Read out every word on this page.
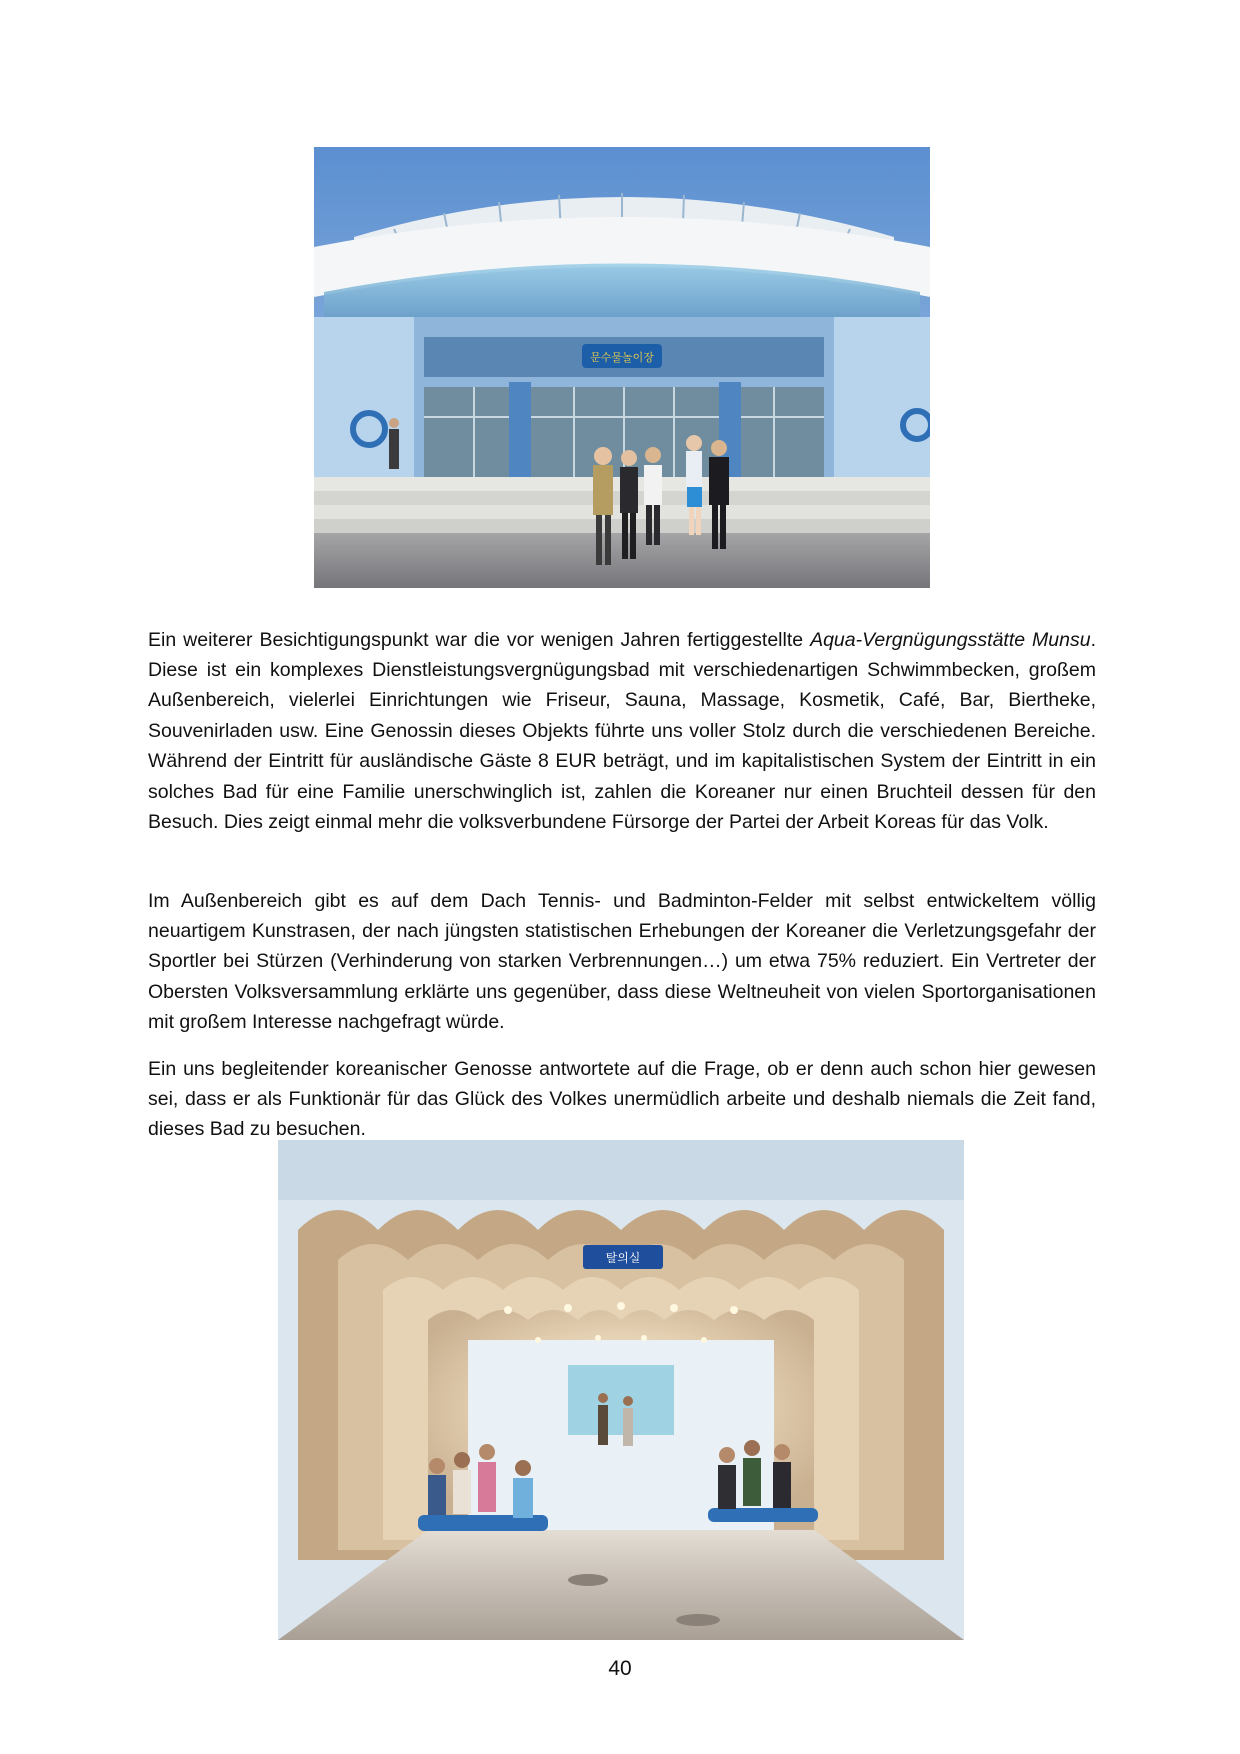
문수물놀이장

Ein weiterer Besichtigungspunkt war die vor wenigen Jahren fertiggestellte Aqua-Vergnügungsstätte Munsu. Diese ist ein komplexes Dienstleistungsvergnügungsbad mit verschiedenartigen Schwimmbecken, großem Außenbereich, vielerlei Einrichtungen wie Friseur, Sauna, Massage, Kosmetik, Café, Bar, Biertheke, Souvenirladen usw. Eine Genossin dieses Objekts führte uns voller Stolz durch die verschiedenen Bereiche. Während der Eintritt für ausländische Gäste 8 EUR beträgt, und im kapitalistischen System der Eintritt in ein solches Bad für eine Familie unerschwinglich ist, zahlen die Koreaner nur einen Bruchteil dessen für den Besuch. Dies zeigt einmal mehr die volksverbundene Fürsorge der Partei der Arbeit Koreas für das Volk.

Im Außenbereich gibt es auf dem Dach Tennis- und Badminton-Felder mit selbst entwickeltem völlig neuartigem Kunstrasen, der nach jüngsten statistischen Erhebungen der Koreaner die Verletzungsgefahr der Sportler bei Stürzen (Verhinderung von starken Verbrennungen…) um etwa 75% reduziert. Ein Vertreter der Obersten Volksversammlung erklärte uns gegenüber, dass diese Weltneuheit von vielen Sportorganisationen mit großem Interesse nachgefragt würde.

Ein uns begleitender koreanischer Genosse antwortete auf die Frage, ob er denn auch schon hier gewesen sei, dass er als Funktionär für das Glück des Volkes unermüdlich arbeite und deshalb niemals die Zeit fand, dieses Bad zu besuchen.

탈의실
40
